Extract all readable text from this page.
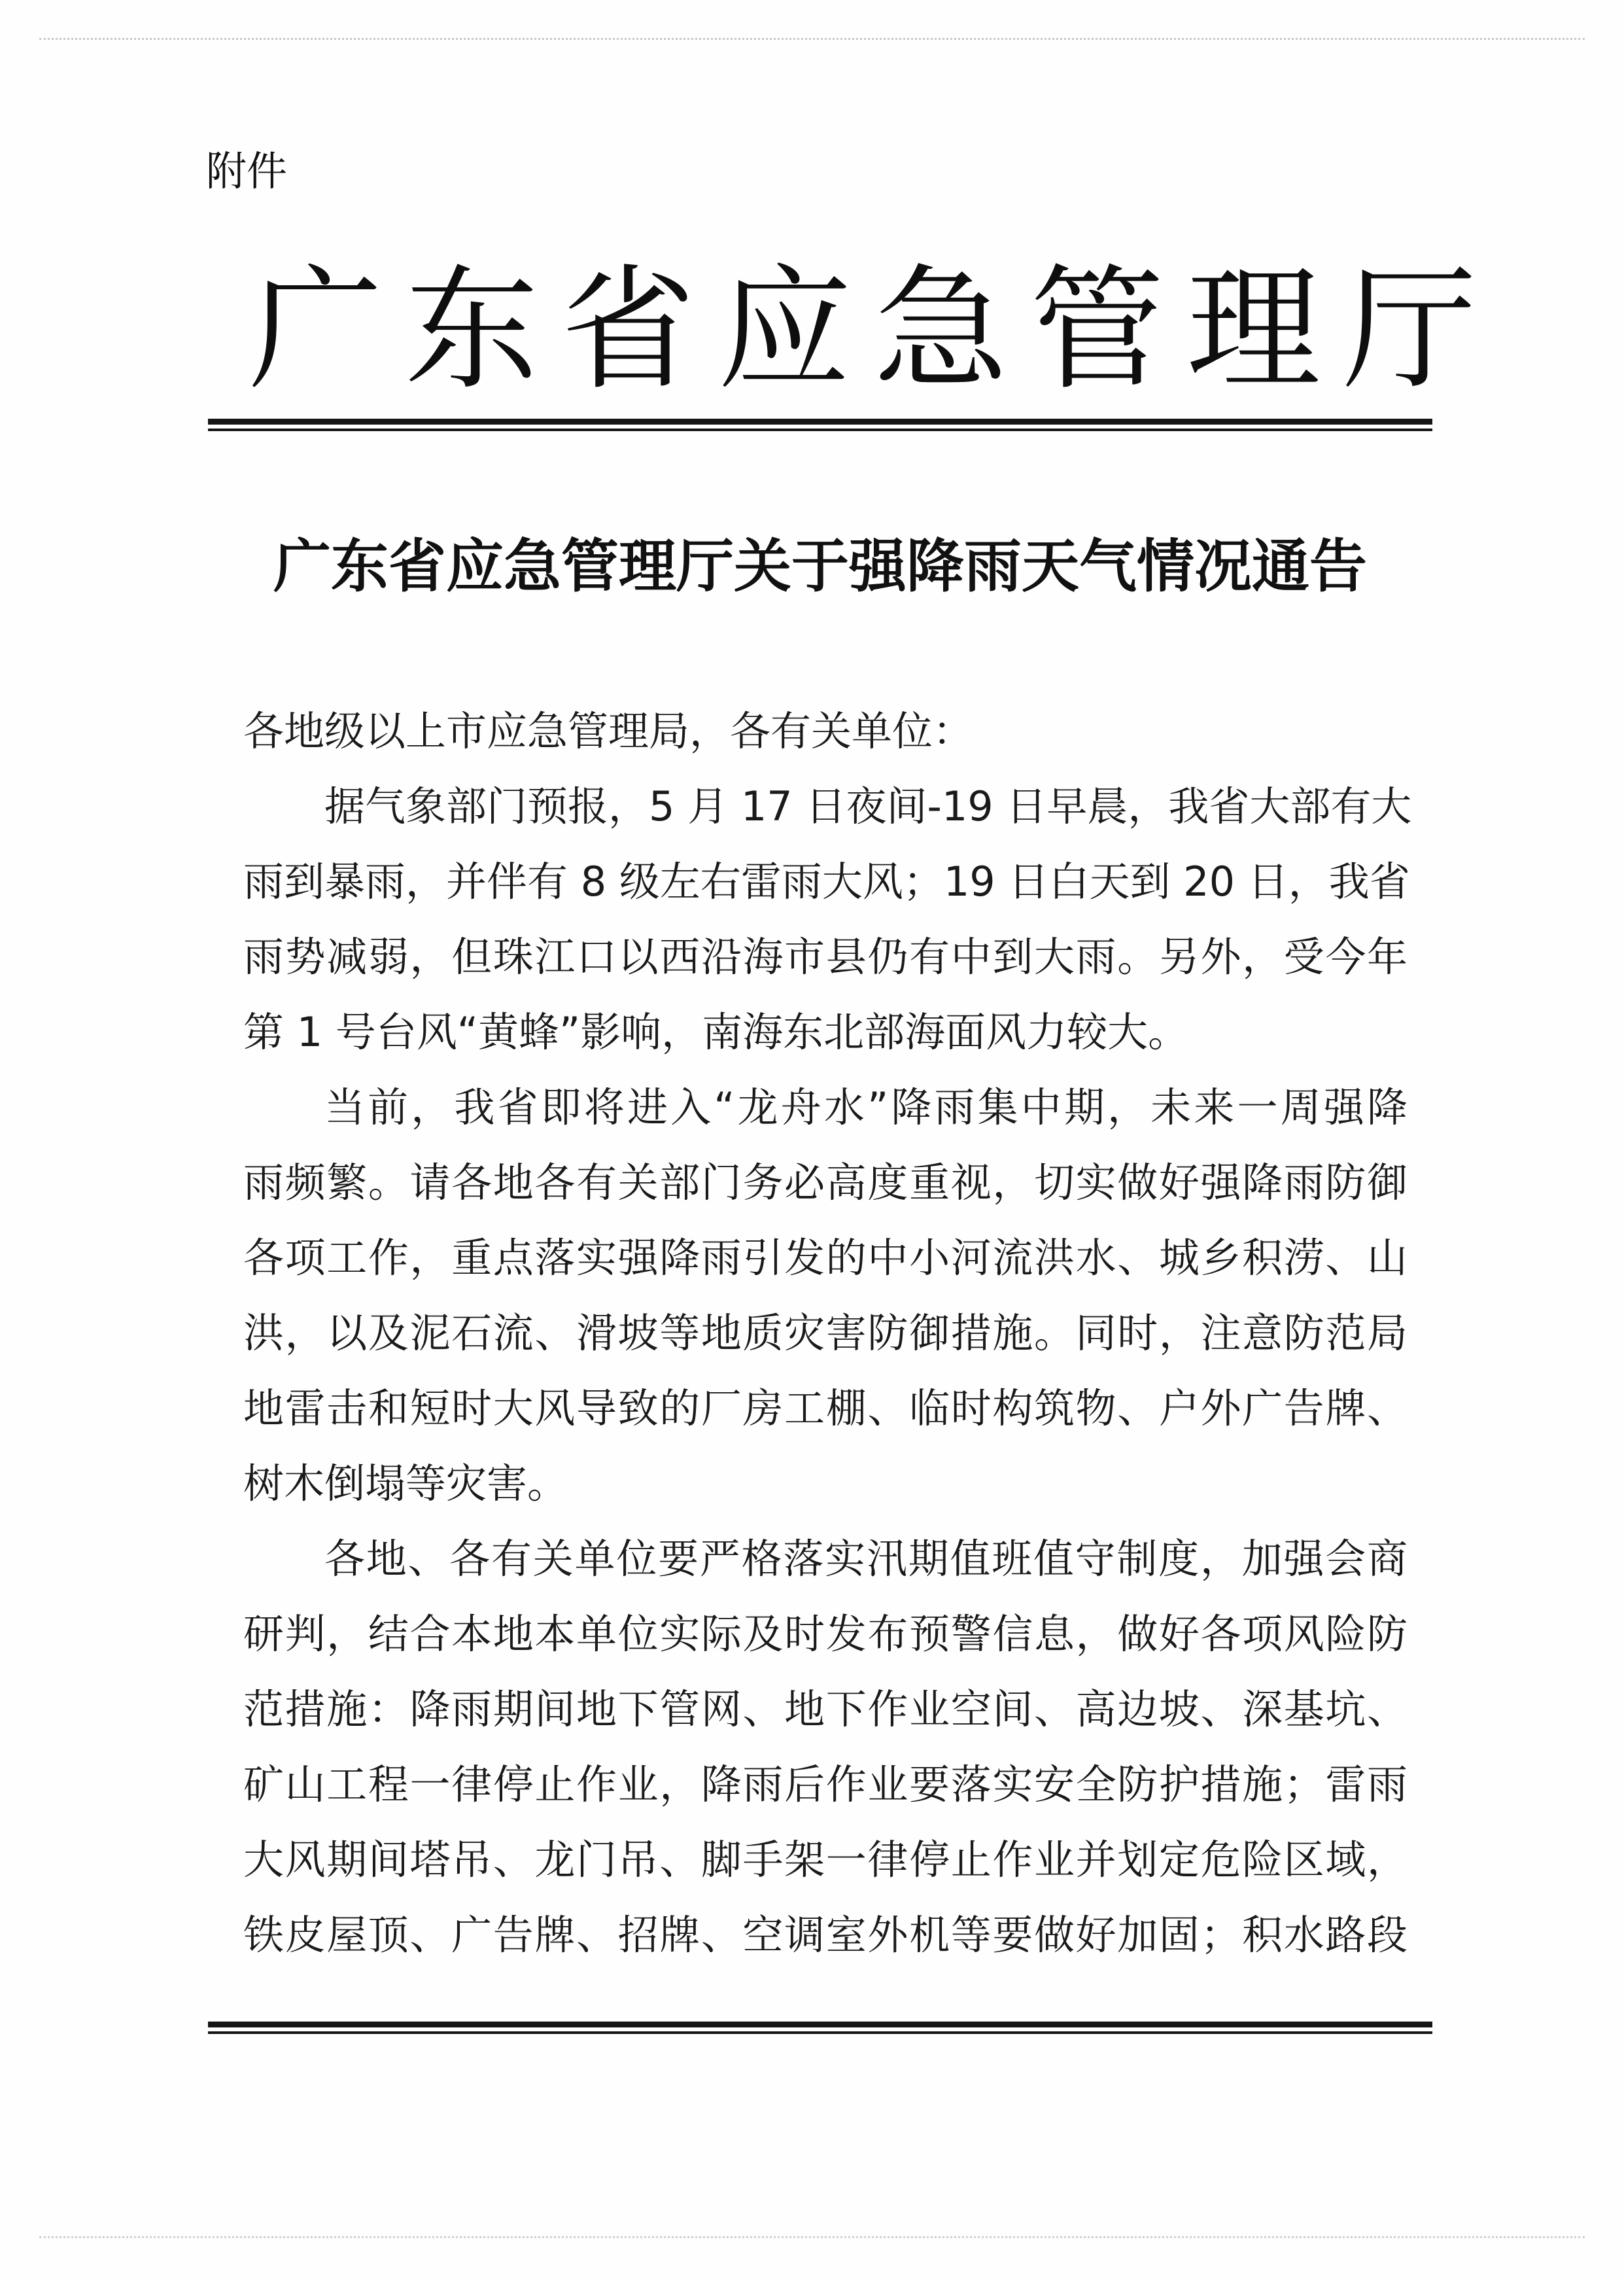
附件
广东省应急管理厅
广东省应急管理厅关于强降雨天气情况通告
各地级以上市应急管理局，各有关单位：
据气象部门预报，5 月 17 日夜间-19 日早晨，我省大部有大
雨到暴雨，并伴有 8 级左右雷雨大风；19 日白天到 20 日，我省
雨势减弱，但珠江口以西沿海市县仍有中到大雨。另外，受今年
第 1 号台风“黄蜂”影响，南海东北部海面风力较大。
当前，我省即将进入“龙舟水”降雨集中期，未来一周强降
雨频繁。请各地各有关部门务必高度重视，切实做好强降雨防御
各项工作，重点落实强降雨引发的中小河流洪水、城乡积涝、山
洪，以及泥石流、滑坡等地质灾害防御措施。同时，注意防范局
地雷击和短时大风导致的厂房工棚、临时构筑物、户外广告牌、
树木倒塌等灾害。
各地、各有关单位要严格落实汛期值班值守制度，加强会商
研判，结合本地本单位实际及时发布预警信息，做好各项风险防
范措施：降雨期间地下管网、地下作业空间、高边坡、深基坑、
矿山工程一律停止作业，降雨后作业要落实安全防护措施；雷雨
大风期间塔吊、龙门吊、脚手架一律停止作业并划定危险区域，
铁皮屋顶、广告牌、招牌、空调室外机等要做好加固；积水路段
